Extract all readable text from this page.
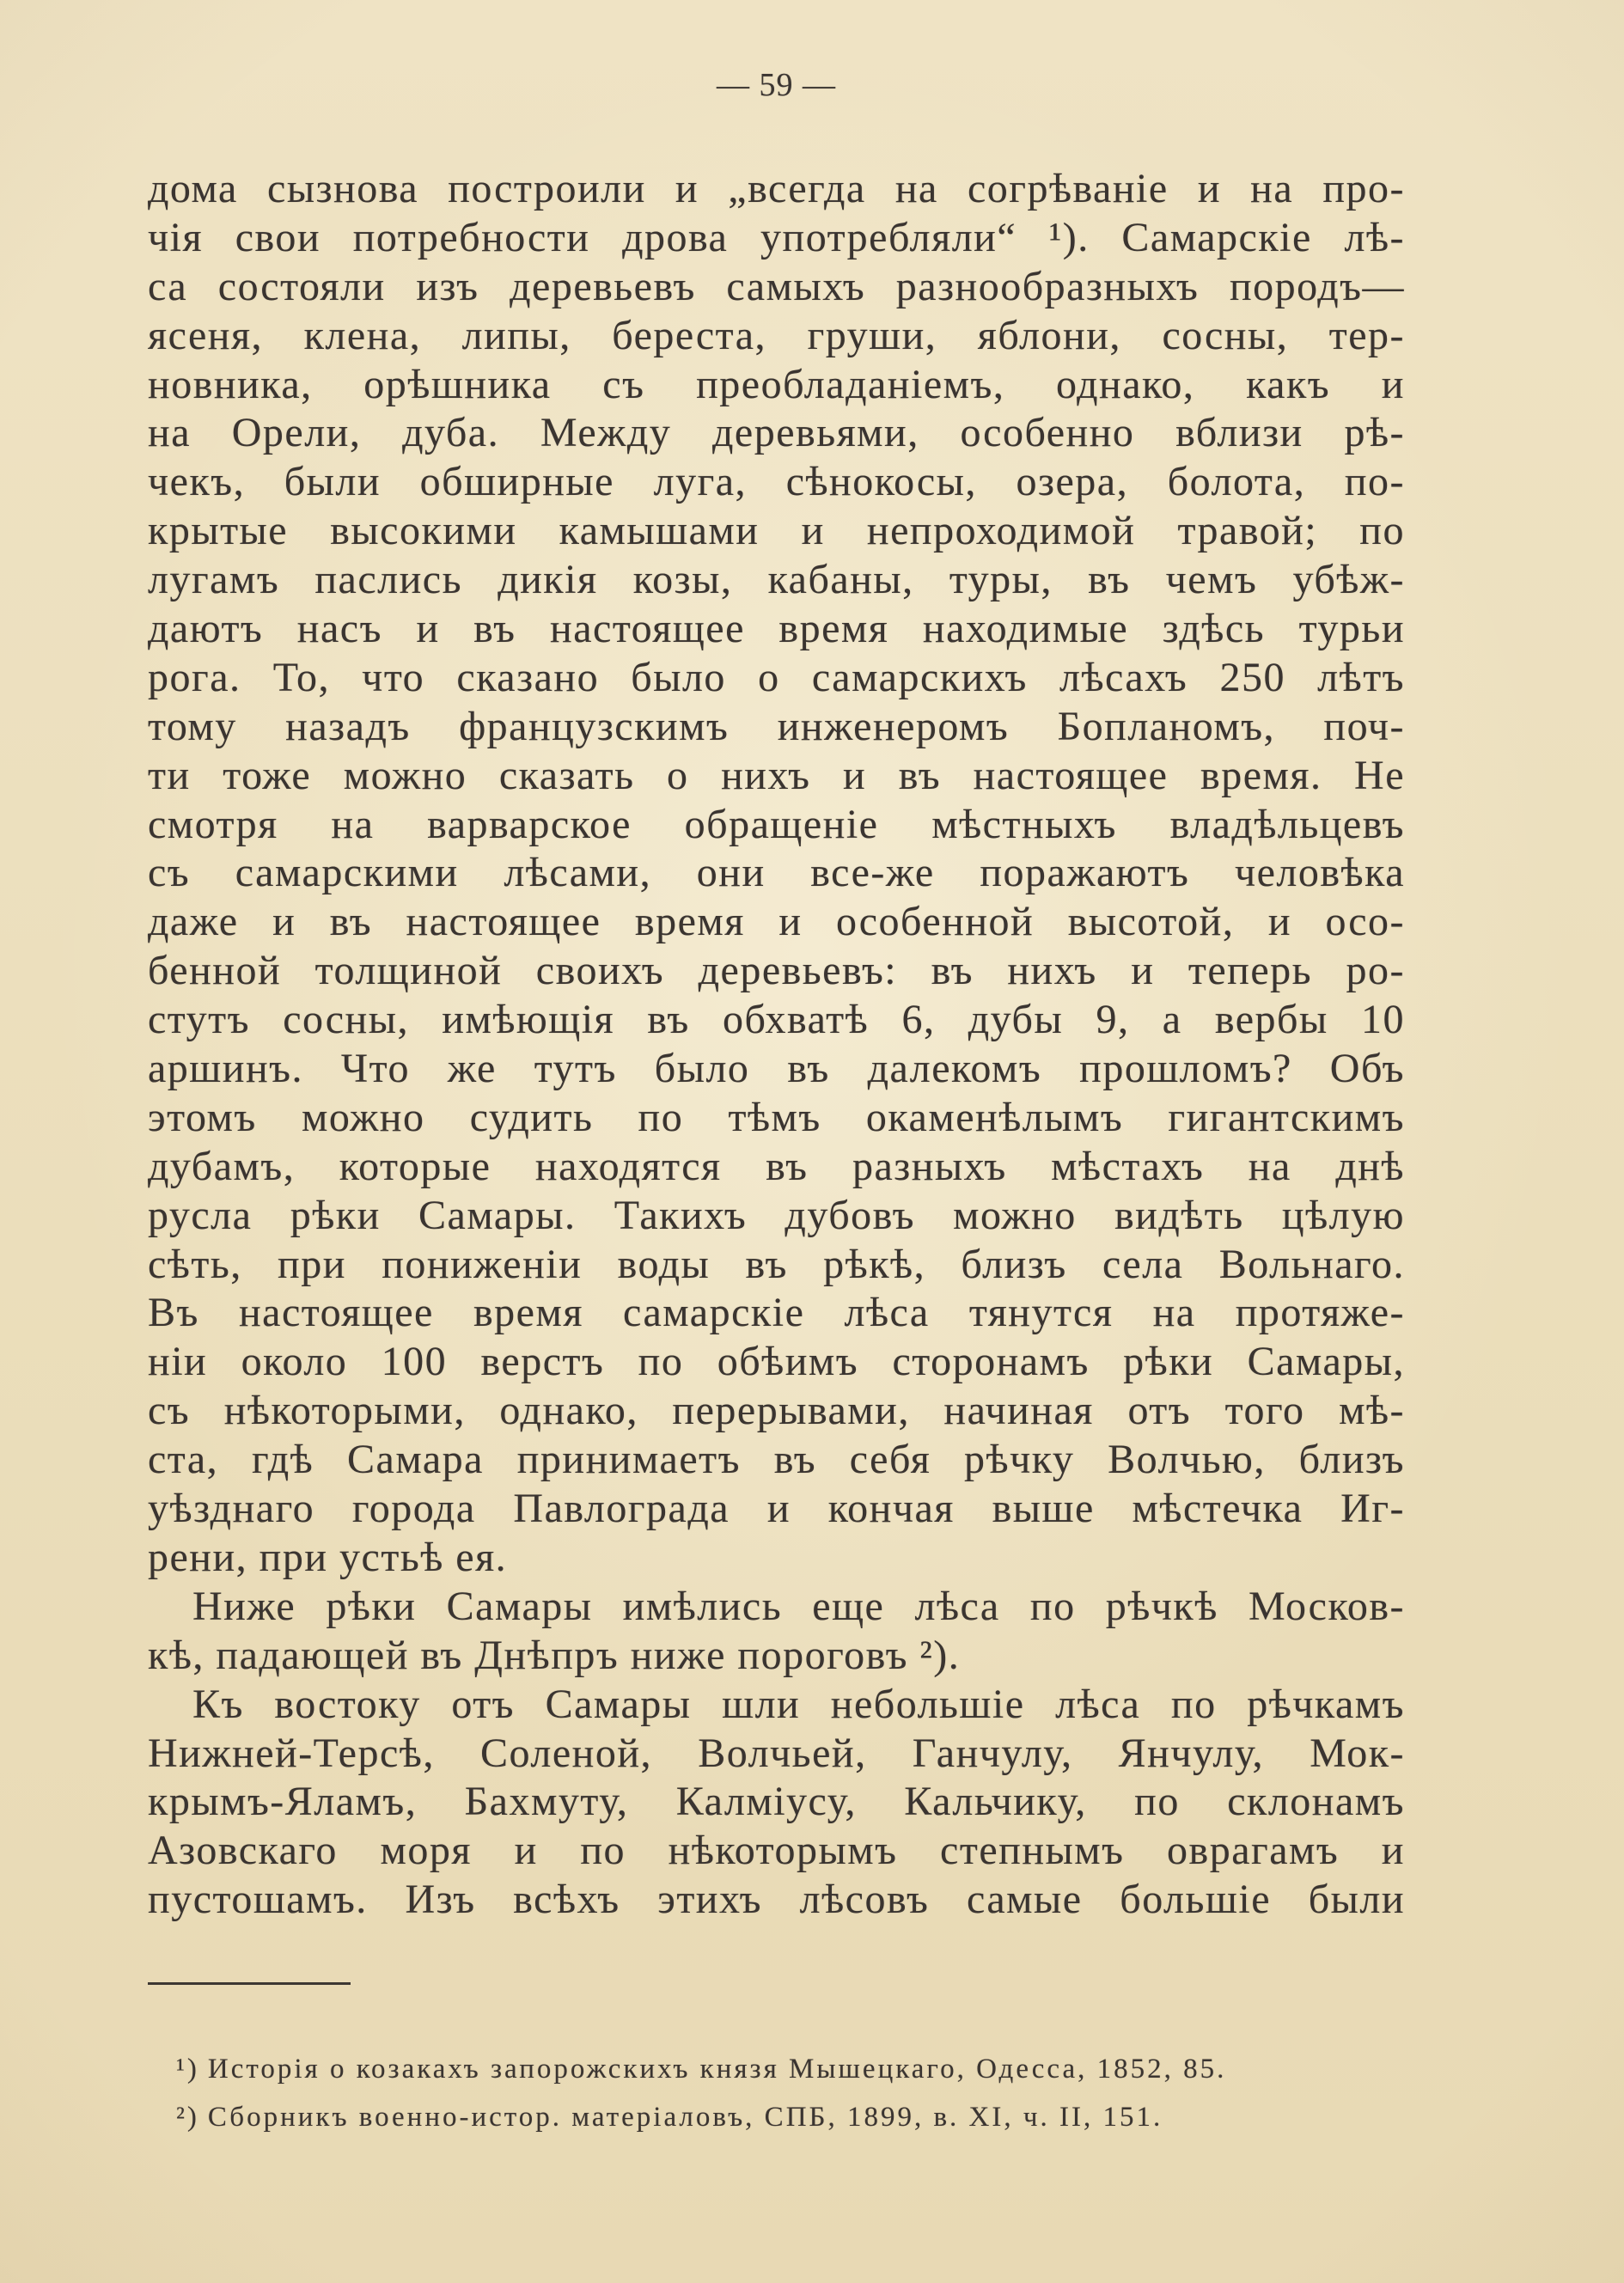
— 59 —
дома сызнова построили и „всегда на согрѣваніе и на про-
чія свои потребности дрова употребляли“ ¹). Самарскіе лѣ-
са состояли изъ деревьевъ самыхъ разнообразныхъ породъ—
ясеня, клена, липы, береста, груши, яблони, сосны, тер-
новника, орѣшника съ преобладаніемъ, однако, какъ и
на Орели, дуба. Между деревьями, особенно вблизи рѣ-
чекъ, были обширные луга, сѣнокосы, озера, болота, по-
крытые высокими камышами и непроходимой травой; по
лугамъ паслись дикія козы, кабаны, туры, въ чемъ убѣж-
даютъ насъ и въ настоящее время находимые здѣсь турьи
рога. То, что сказано было о самарскихъ лѣсахъ 250 лѣтъ
тому назадъ французскимъ инженеромъ Бопланомъ, поч-
ти тоже можно сказать о нихъ и въ настоящее время. Не
смотря на варварское обращеніе мѣстныхъ владѣльцевъ
съ самарскими лѣсами, они все-же поражаютъ человѣка
даже и въ настоящее время и особенной высотой, и осо-
бенной толщиной своихъ деревьевъ: въ нихъ и теперь ро-
стутъ сосны, имѣющія въ обхватѣ 6, дубы 9, а вербы 10
аршинъ. Что же тутъ было въ далекомъ прошломъ? Объ
этомъ можно судить по тѣмъ окаменѣлымъ гигантскимъ
дубамъ, которые находятся въ разныхъ мѣстахъ на днѣ
русла рѣки Самары. Такихъ дубовъ можно видѣть цѣлую
сѣть, при пониженіи воды въ рѣкѣ, близъ села Вольнаго.
Въ настоящее время самарскіе лѣса тянутся на протяже-
ніи около 100 верстъ по обѣимъ сторонамъ рѣки Самары,
съ нѣкоторыми, однако, перерывами, начиная отъ того мѣ-
ста, гдѣ Самара принимаетъ въ себя рѣчку Волчью, близъ
уѣзднаго города Павлограда и кончая выше мѣстечка Иг-
рени, при устьѣ ея.
Ниже рѣки Самары имѣлись еще лѣса по рѣчкѣ Москов-
кѣ, падающей въ Днѣпръ ниже пороговъ ²).
Къ востоку отъ Самары шли небольшіе лѣса по рѣчкамъ
Нижней-Терсѣ, Соленой, Волчьей, Ганчулу, Янчулу, Мок-
крымъ-Яламъ, Бахмуту, Калміусу, Кальчику, по склонамъ
Азовскаго моря и по нѣкоторымъ степнымъ оврагамъ и
пустошамъ. Изъ всѣхъ этихъ лѣсовъ самые большіе были
¹) Исторія о козакахъ запорожскихъ князя Мышецкаго, Одесса, 1852, 85.
²) Сборникъ военно-истор. матеріаловъ, СПБ, 1899, в. XI, ч. II, 151.
